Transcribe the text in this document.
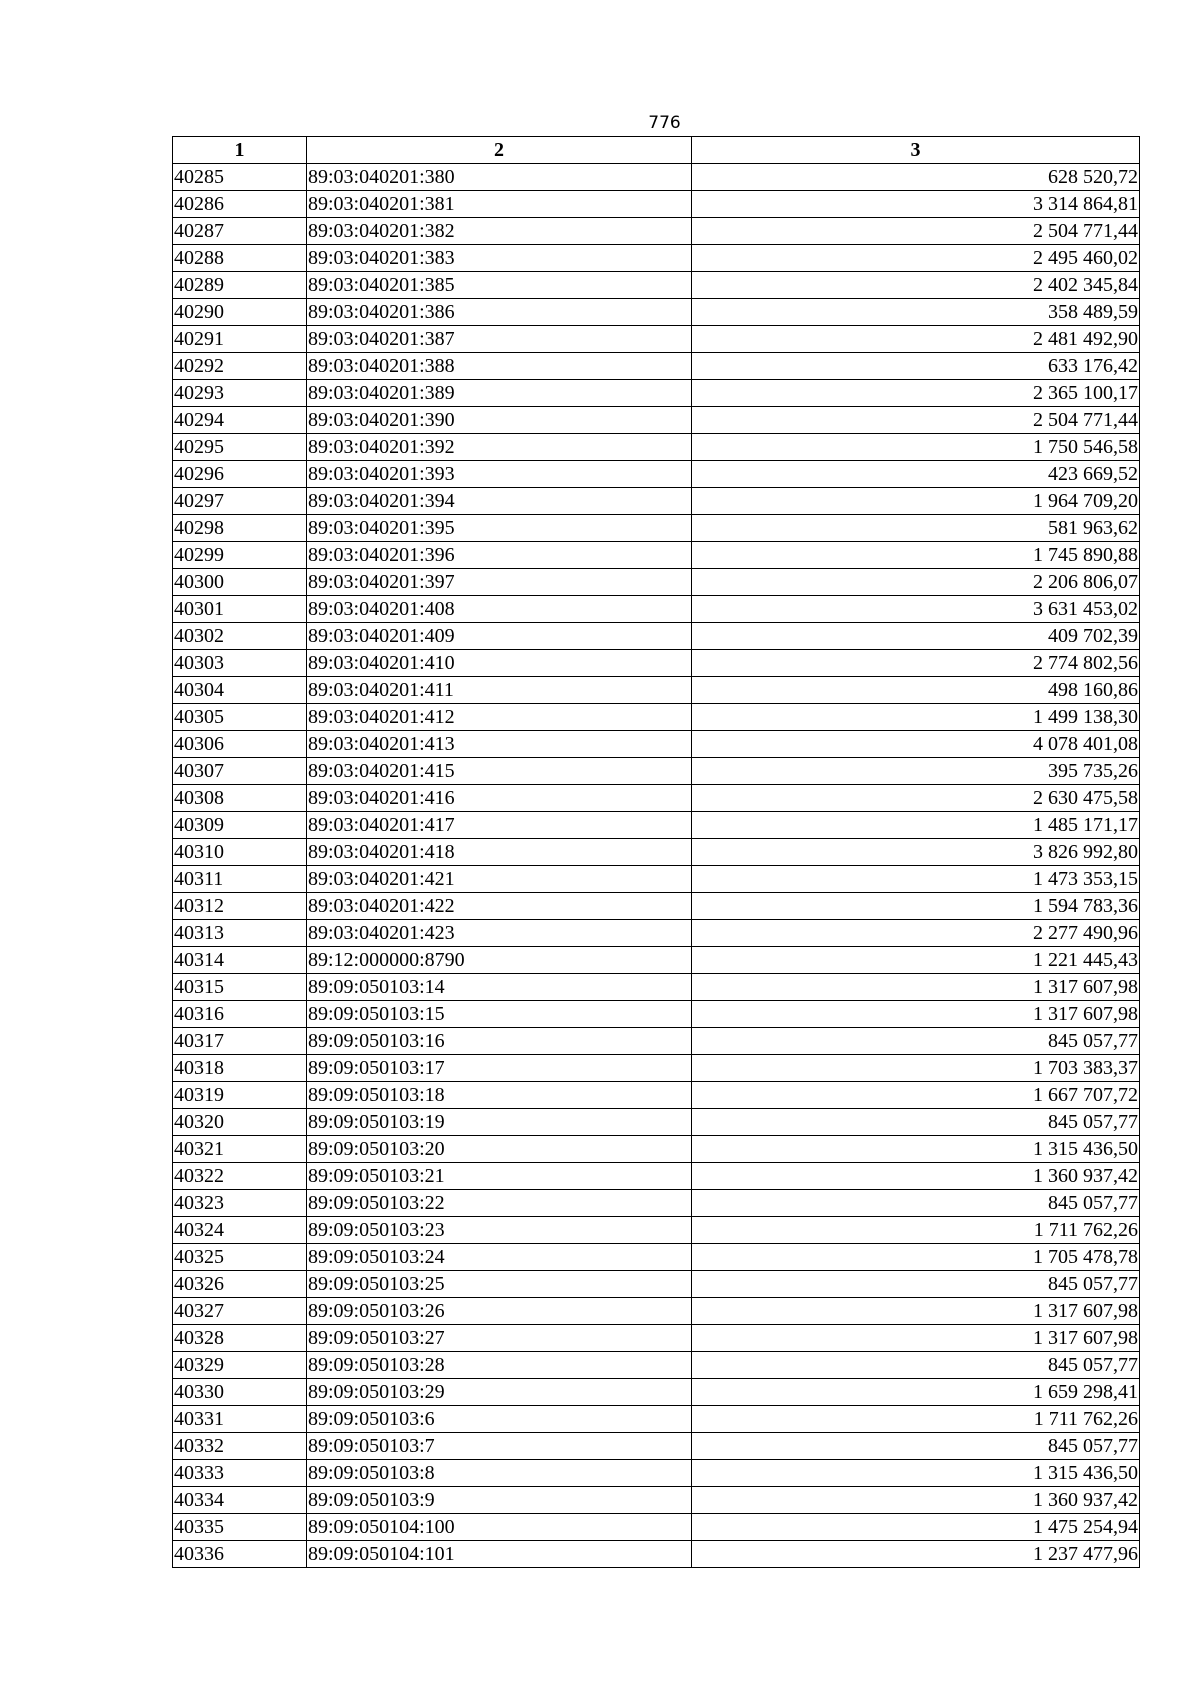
776
1	2	3
40285	89:03:040201:380	628 520,72
40286	89:03:040201:381	3 314 864,81
40287	89:03:040201:382	2 504 771,44
40288	89:03:040201:383	2 495 460,02
40289	89:03:040201:385	2 402 345,84
40290	89:03:040201:386	358 489,59
40291	89:03:040201:387	2 481 492,90
40292	89:03:040201:388	633 176,42
40293	89:03:040201:389	2 365 100,17
40294	89:03:040201:390	2 504 771,44
40295	89:03:040201:392	1 750 546,58
40296	89:03:040201:393	423 669,52
40297	89:03:040201:394	1 964 709,20
40298	89:03:040201:395	581 963,62
40299	89:03:040201:396	1 745 890,88
40300	89:03:040201:397	2 206 806,07
40301	89:03:040201:408	3 631 453,02
40302	89:03:040201:409	409 702,39
40303	89:03:040201:410	2 774 802,56
40304	89:03:040201:411	498 160,86
40305	89:03:040201:412	1 499 138,30
40306	89:03:040201:413	4 078 401,08
40307	89:03:040201:415	395 735,26
40308	89:03:040201:416	2 630 475,58
40309	89:03:040201:417	1 485 171,17
40310	89:03:040201:418	3 826 992,80
40311	89:03:040201:421	1 473 353,15
40312	89:03:040201:422	1 594 783,36
40313	89:03:040201:423	2 277 490,96
40314	89:12:000000:8790	1 221 445,43
40315	89:09:050103:14	1 317 607,98
40316	89:09:050103:15	1 317 607,98
40317	89:09:050103:16	845 057,77
40318	89:09:050103:17	1 703 383,37
40319	89:09:050103:18	1 667 707,72
40320	89:09:050103:19	845 057,77
40321	89:09:050103:20	1 315 436,50
40322	89:09:050103:21	1 360 937,42
40323	89:09:050103:22	845 057,77
40324	89:09:050103:23	1 711 762,26
40325	89:09:050103:24	1 705 478,78
40326	89:09:050103:25	845 057,77
40327	89:09:050103:26	1 317 607,98
40328	89:09:050103:27	1 317 607,98
40329	89:09:050103:28	845 057,77
40330	89:09:050103:29	1 659 298,41
40331	89:09:050103:6	1 711 762,26
40332	89:09:050103:7	845 057,77
40333	89:09:050103:8	1 315 436,50
40334	89:09:050103:9	1 360 937,42
40335	89:09:050104:100	1 475 254,94
40336	89:09:050104:101	1 237 477,96
